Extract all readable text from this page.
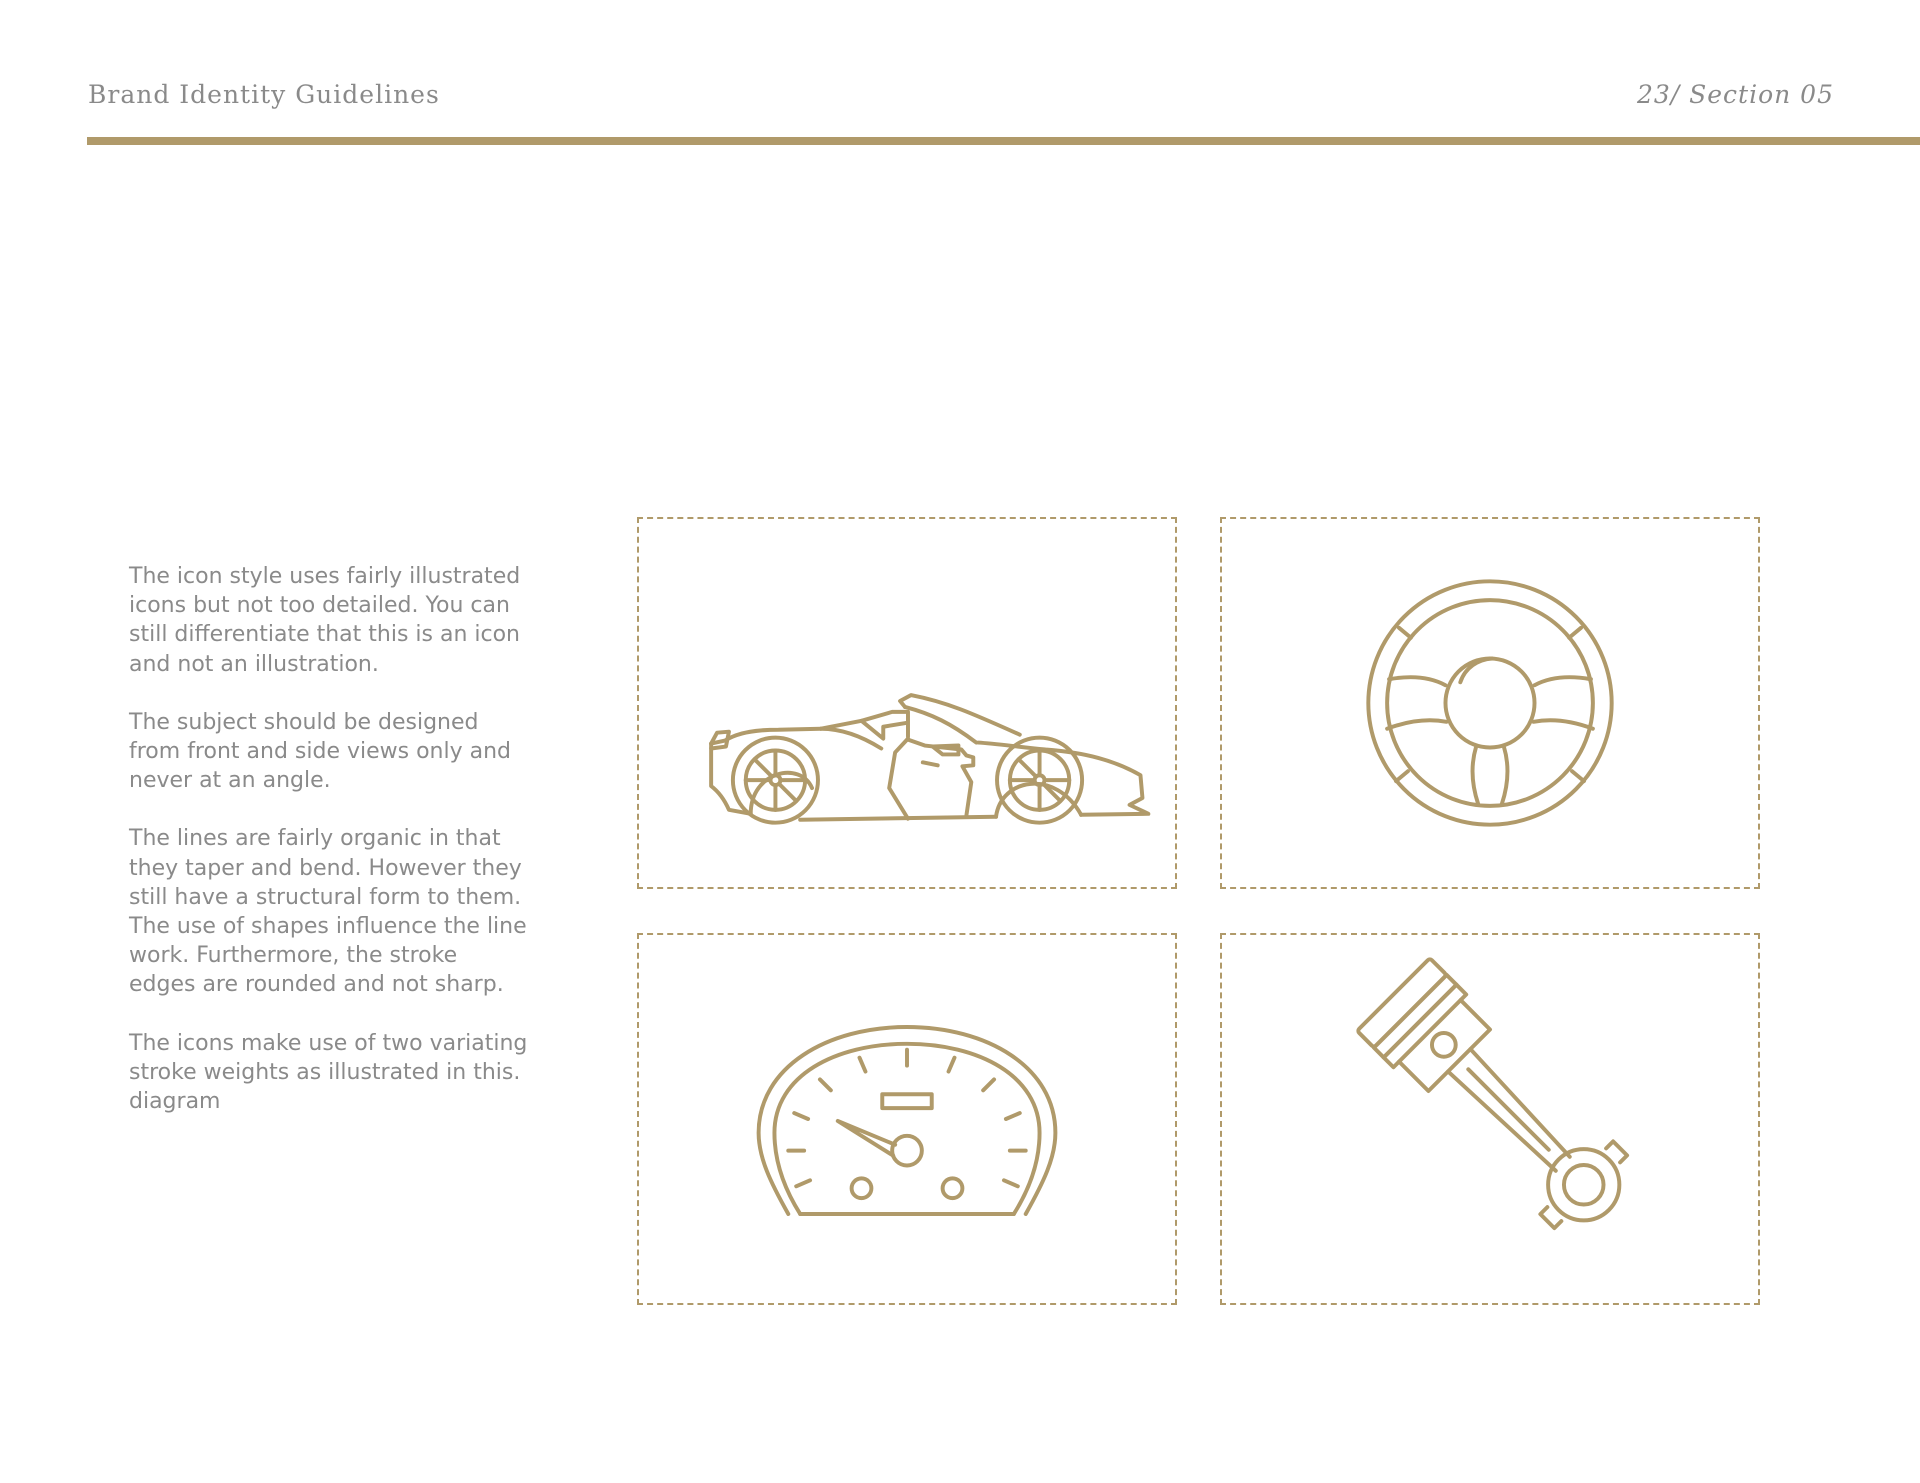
Brand Identity Guidelines	23/ Section 05

The icon style uses fairly illustrated icons but not too detailed. You can still differentiate that this is an icon and not an illustration.

The subject should be designed from front and side views only and never at an angle.

The lines are fairly organic in that they taper and bend. However they still have a structural form to them. The use of shapes influence the line work. Furthermore, the stroke edges are rounded and not sharp.

The icons make use of two variating stroke weights as illustrated in this. diagram
